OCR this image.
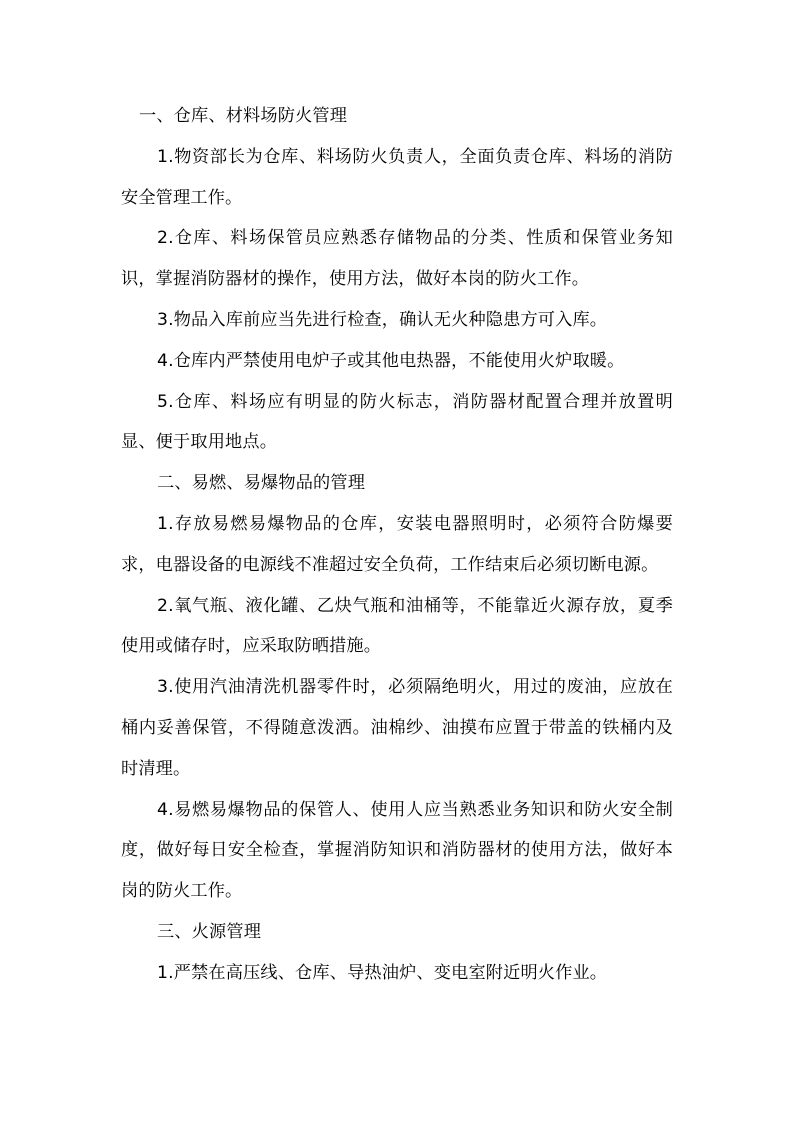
一、仓库、材料场防火管理

1.物资部长为仓库、料场防火负责人，全面负责仓库、料场的消防安全管理工作。

2.仓库、料场保管员应熟悉存储物品的分类、性质和保管业务知识，掌握消防器材的操作，使用方法，做好本岗的防火工作。

3.物品入库前应当先进行检查，确认无火种隐患方可入库。

4.仓库内严禁使用电炉子或其他电热器，不能使用火炉取暖。

5.仓库、料场应有明显的防火标志，消防器材配置合理并放置明显、便于取用地点。

二、易燃、易爆物品的管理

1.存放易燃易爆物品的仓库，安装电器照明时，必须符合防爆要求，电器设备的电源线不准超过安全负荷，工作结束后必须切断电源。

2.氧气瓶、液化罐、乙炔气瓶和油桶等，不能靠近火源存放，夏季使用或储存时，应采取防晒措施。

3.使用汽油清洗机器零件时，必须隔绝明火，用过的废油，应放在桶内妥善保管，不得随意泼洒。油棉纱、油摸布应置于带盖的铁桶内及时清理。

4.易燃易爆物品的保管人、使用人应当熟悉业务知识和防火安全制度，做好每日安全检查，掌握消防知识和消防器材的使用方法，做好本岗的防火工作。

三、火源管理

1.严禁在高压线、仓库、导热油炉、变电室附近明火作业。
